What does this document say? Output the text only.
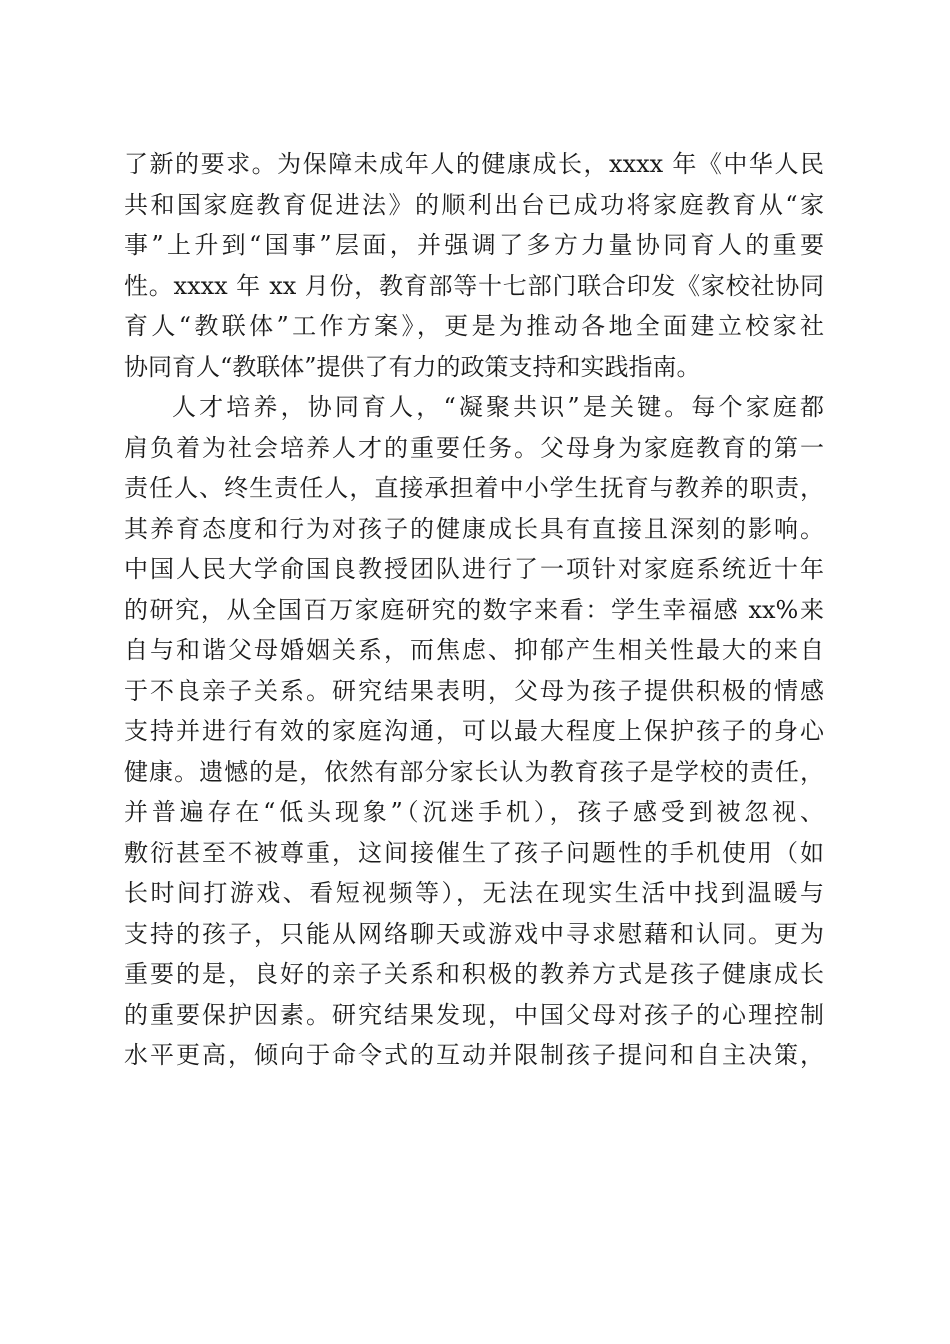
了新的要求。为保障未成年人的健康成长，xxxx 年《中华人民
共和国家庭教育促进法》的顺利出台已成功将家庭教育从“家
事”上升到“国事”层面，并强调了多方力量协同育人的重要
性。xxxx 年 xx 月份，教育部等十七部门联合印发《家校社协同
育人“教联体”工作方案》，更是为推动各地全面建立校家社
协同育人“教联体”提供了有力的政策支持和实践指南。
人才培养，协同育人，“凝聚共识”是关键。每个家庭都
肩负着为社会培养人才的重要任务。父母身为家庭教育的第一
责任人、终生责任人，直接承担着中小学生抚育与教养的职责，
其养育态度和行为对孩子的健康成长具有直接且深刻的影响。
中国人民大学俞国良教授团队进行了一项针对家庭系统近十年
的研究，从全国百万家庭研究的数字来看：学生幸福感 xx%来
自与和谐父母婚姻关系，而焦虑、抑郁产生相关性最大的来自
于不良亲子关系。研究结果表明，父母为孩子提供积极的情感
支持并进行有效的家庭沟通，可以最大程度上保护孩子的身心
健康。遗憾的是，依然有部分家长认为教育孩子是学校的责任，
并普遍存在“低头现象”（沉迷手机），孩子感受到被忽视、
敷衍甚至不被尊重，这间接催生了孩子问题性的手机使用（如
长时间打游戏、看短视频等），无法在现实生活中找到温暖与
支持的孩子，只能从网络聊天或游戏中寻求慰藉和认同。更为
重要的是，良好的亲子关系和积极的教养方式是孩子健康成长
的重要保护因素。研究结果发现，中国父母对孩子的心理控制
水平更高，倾向于命令式的互动并限制孩子提问和自主决策，
